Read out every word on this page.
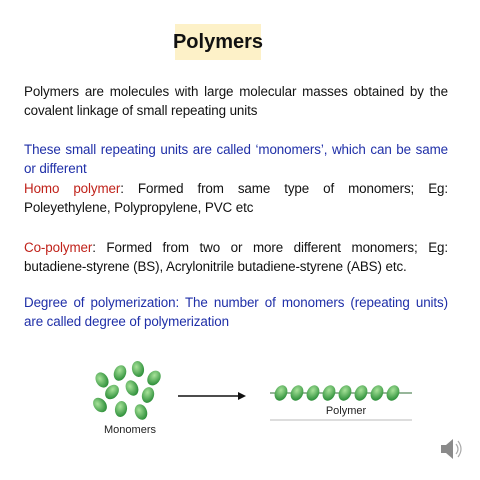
Polymers
Polymers are molecules with large molecular masses obtained by the covalent linkage of small repeating units
These small repeating units are called ‘monomers’, which can be same or different
Homo polymer: Formed from same type of monomers; Eg: Poleyethylene, Polypropylene, PVC etc
Co-polymer: Formed from two or more different monomers; Eg: butadiene-styrene (BS), Acrylonitrile butadiene-styrene (ABS) etc.
Degree of polymerization: The number of monomers (repeating units) are called degree of polymerization
Monomers
Polymer
